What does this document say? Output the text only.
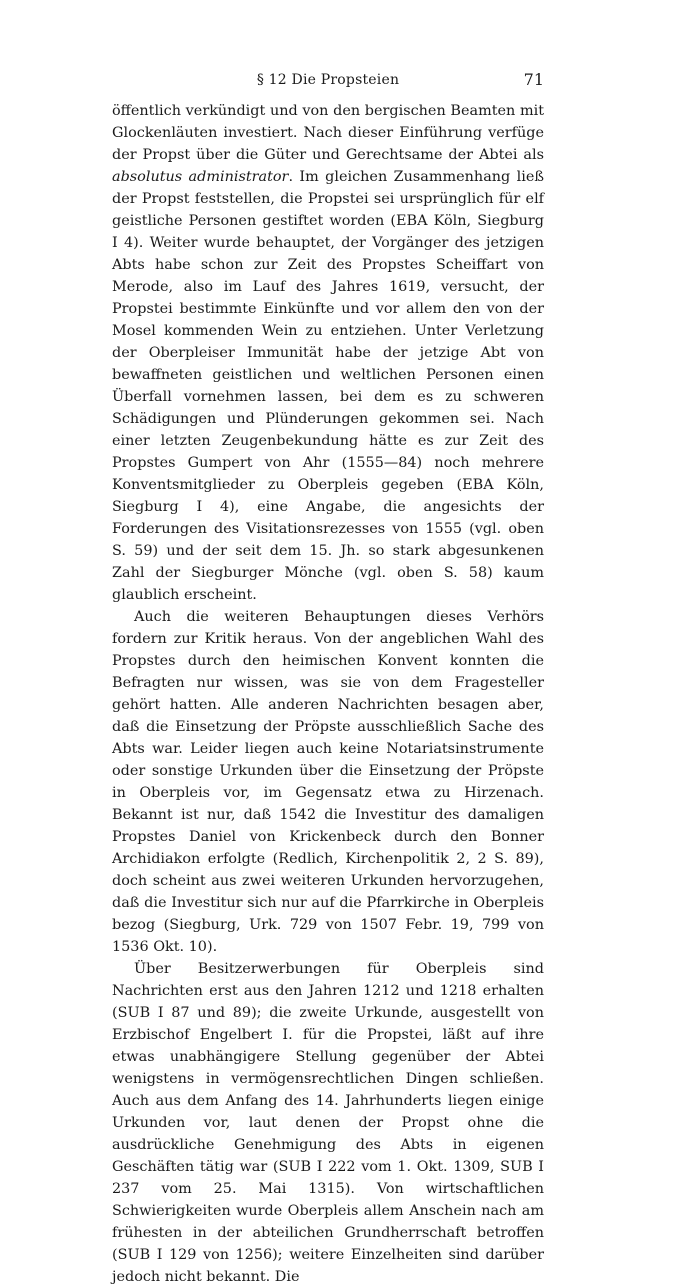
§ 12 Die Propsteien	71

öffentlich verkündigt und von den bergischen Beamten mit Glockenläuten investiert. Nach dieser Einführung verfüge der Propst über die Güter und Gerechtsame der Abtei als absolutus administrator. Im gleichen Zusammenhang ließ der Propst feststellen, die Propstei sei ursprünglich für elf geistliche Personen gestiftet worden (EBA Köln, Siegburg I 4). Weiter wurde behauptet, der Vorgänger des jetzigen Abts habe schon zur Zeit des Propstes Scheiffart von Merode, also im Lauf des Jahres 1619, versucht, der Propstei bestimmte Einkünfte und vor allem den von der Mosel kommenden Wein zu entziehen. Unter Verletzung der Oberpleiser Immunität habe der jetzige Abt von bewaffneten geistlichen und weltlichen Personen einen Überfall vornehmen lassen, bei dem es zu schweren Schädigungen und Plünderungen gekommen sei. Nach einer letzten Zeugenbekundung hätte es zur Zeit des Propstes Gumpert von Ahr (1555—84) noch mehrere Konventsmitglieder zu Oberpleis gegeben (EBA Köln, Siegburg I 4), eine Angabe, die angesichts der Forderungen des Visitationsrezesses von 1555 (vgl. oben S. 59) und der seit dem 15. Jh. so stark abgesunkenen Zahl der Siegburger Mönche (vgl. oben S. 58) kaum glaublich erscheint.

Auch die weiteren Behauptungen dieses Verhörs fordern zur Kritik heraus. Von der angeblichen Wahl des Propstes durch den heimischen Konvent konnten die Befragten nur wissen, was sie von dem Fragesteller gehört hatten. Alle anderen Nachrichten besagen aber, daß die Einsetzung der Pröpste ausschließlich Sache des Abts war. Leider liegen auch keine Notariatsinstrumente oder sonstige Urkunden über die Einsetzung der Pröpste in Oberpleis vor, im Gegensatz etwa zu Hirzenach. Bekannt ist nur, daß 1542 die Investitur des damaligen Propstes Daniel von Krickenbeck durch den Bonner Archidiakon erfolgte (Redlich, Kirchenpolitik 2, 2 S. 89), doch scheint aus zwei weiteren Urkunden hervorzugehen, daß die Investitur sich nur auf die Pfarrkirche in Oberpleis bezog (Siegburg, Urk. 729 von 1507 Febr. 19, 799 von 1536 Okt. 10).

Über Besitzerwerbungen für Oberpleis sind Nachrichten erst aus den Jahren 1212 und 1218 erhalten (SUB I 87 und 89); die zweite Urkunde, ausgestellt von Erzbischof Engelbert I. für die Propstei, läßt auf ihre etwas unabhängigere Stellung gegenüber der Abtei wenigstens in vermögensrechtlichen Dingen schließen. Auch aus dem Anfang des 14. Jahrhunderts liegen einige Urkunden vor, laut denen der Propst ohne die ausdrückliche Genehmigung des Abts in eigenen Geschäften tätig war (SUB I 222 vom 1. Okt. 1309, SUB I 237 vom 25. Mai 1315). Von wirtschaftlichen Schwierigkeiten wurde Oberpleis allem Anschein nach am frühesten in der abteilichen Grundherrschaft betroffen (SUB I 129 von 1256); weitere Einzelheiten sind darüber jedoch nicht bekannt. Die
